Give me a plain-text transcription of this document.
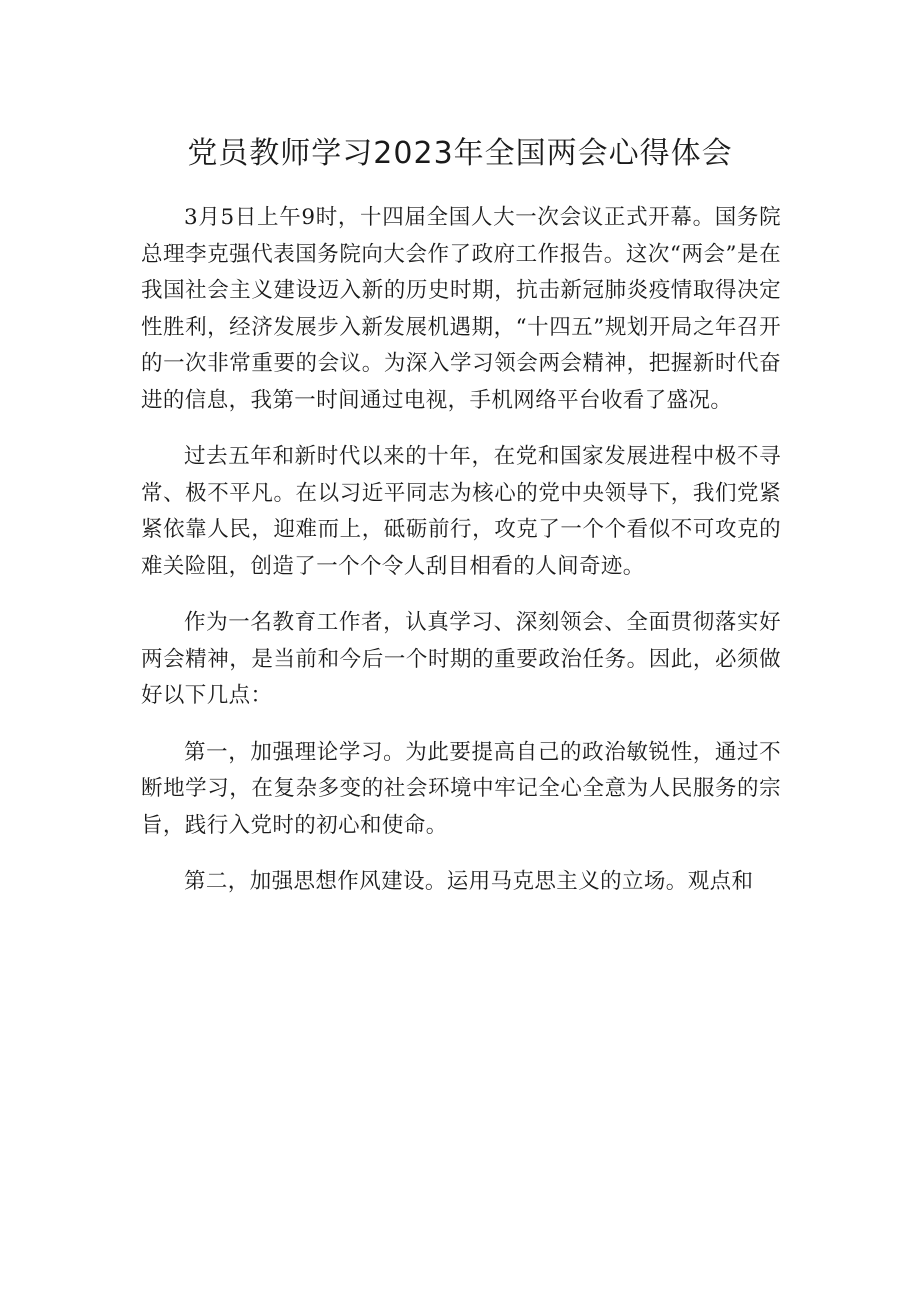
党员教师学习2023年全国两会心得体会

3月5日上午9时，十四届全国人大一次会议正式开幕。国务院总理李克强代表国务院向大会作了政府工作报告。这次“两会”是在我国社会主义建设迈入新的历史时期，抗击新冠肺炎疫情取得决定性胜利，经济发展步入新发展机遇期，“十四五”规划开局之年召开的一次非常重要的会议。为深入学习领会两会精神，把握新时代奋进的信息，我第一时间通过电视，手机网络平台收看了盛况。

过去五年和新时代以来的十年，在党和国家发展进程中极不寻常、极不平凡。在以习近平同志为核心的党中央领导下，我们党紧紧依靠人民，迎难而上，砥砺前行，攻克了一个个看似不可攻克的难关险阻，创造了一个个令人刮目相看的人间奇迹。

作为一名教育工作者，认真学习、深刻领会、全面贯彻落实好两会精神，是当前和今后一个时期的重要政治任务。因此，必须做好以下几点：

第一，加强理论学习。为此要提高自己的政治敏锐性，通过不断地学习，在复杂多变的社会环境中牢记全心全意为人民服务的宗旨，践行入党时的初心和使命。

第二，加强思想作风建设。运用马克思主义的立场。观点和
